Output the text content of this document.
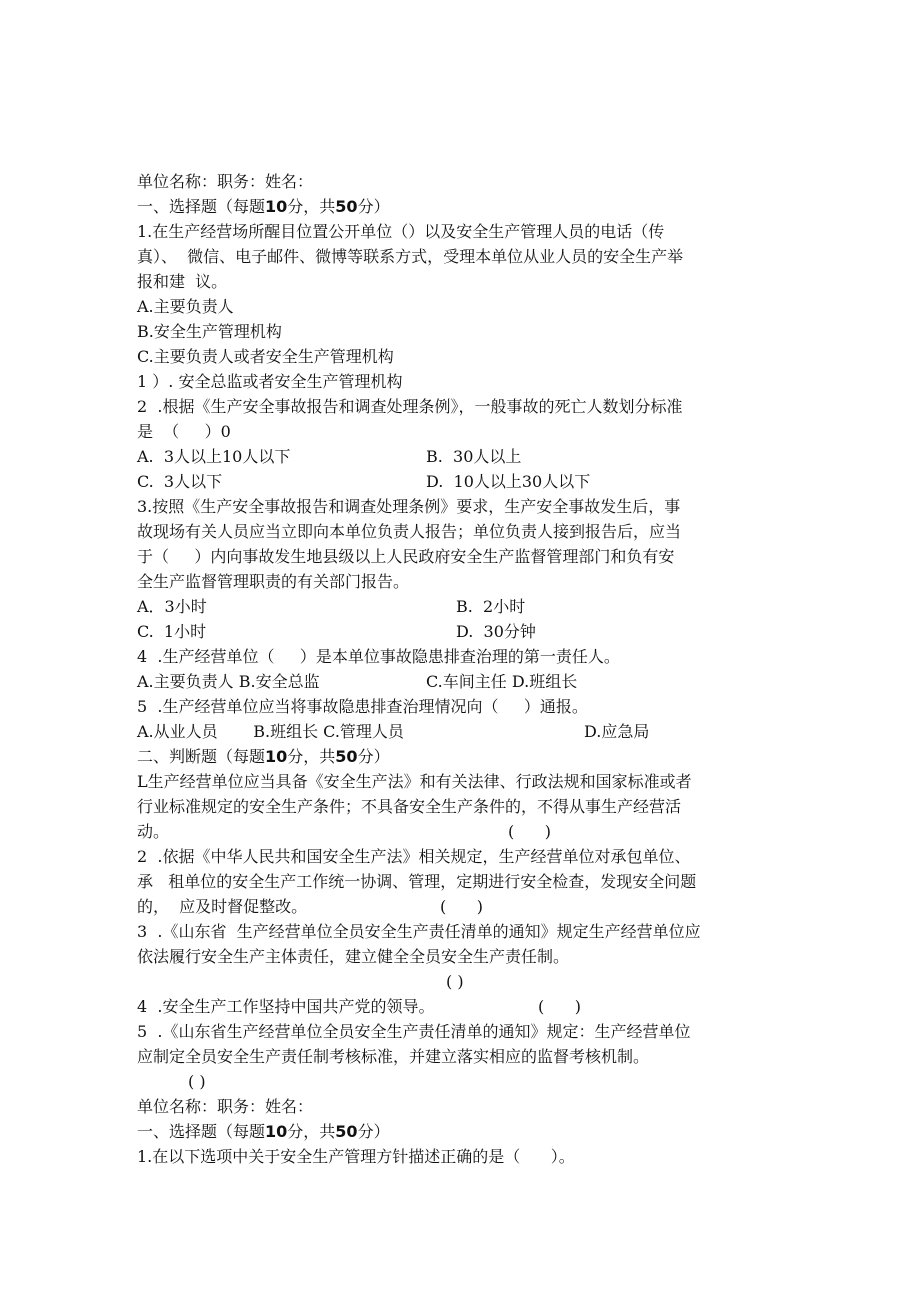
单位名称：职务：姓名：
一、选择题（每题10分，共50分）
1.在生产经营场所醒目位置公开单位（）以及安全生产管理人员的电话（传
真）、  微信、电子邮件、微博等联系方式，受理本单位从业人员的安全生产举
报和建  议。
A.主要负责人
B.安全生产管理机构
C.主要负责人或者安全生产管理机构
1 ）. 安全总监或者安全生产管理机构
2  .根据《生产安全事故报告和调查处理条例》，一般事故的死亡人数划分标准
是  （     ）0
A.  3人以上10人以下	B.  30人以上
C.  3人以下	D.  10人以上30人以下
3.按照《生产安全事故报告和调查处理条例》要求，生产安全事故发生后，事
故现场有关人员应当立即向本单位负责人报告；单位负责人接到报告后，应当
于（     ）内向事故发生地县级以上人民政府安全生产监督管理部门和负有安
全生产监督管理职责的有关部门报告。
A．3小时	B.  2小时
C.  1小时	D.  30分钟
4  .生产经营单位（     ）是本单位事故隐患排查治理的第一责任人。
A.主要负责人 B.安全总监	C.车间主任 D.班组长
5  .生产经营单位应当将事故隐患排查治理情况向（     ）通报。
A.从业人员       B.班组长 C.管理人员	D.应急局
二、判断题（每题10分，共50分）
L生产经营单位应当具备《安全生产法》和有关法律、行政法规和国家标准或者
行业标准规定的安全生产条件；不具备安全生产条件的，不得从事生产经营活
动。	(      )
2  .依据《中华人民共和国安全生产法》相关规定，生产经营单位对承包单位、
承   租单位的安全生产工作统一协调、管理，定期进行安全检查，发现安全问题
的，  应及时督促整改。	(      )
3  .《山东省  生产经营单位全员安全生产责任清单的通知》规定生产经营单位应
依法履行安全生产主体责任，建立健全全员安全生产责任制。
( )
4  .安全生产工作坚持中国共产党的领导。	(      )
5  .《山东省生产经营单位全员安全生产责任清单的通知》规定：生产经营单位
应制定全员安全生产责任制考核标准，并建立落实相应的监督考核机制。
( )
单位名称：职务：姓名：
一、选择题（每题10分，共50分）
1.在以下选项中关于安全生产管理方针描述正确的是（      ）。
